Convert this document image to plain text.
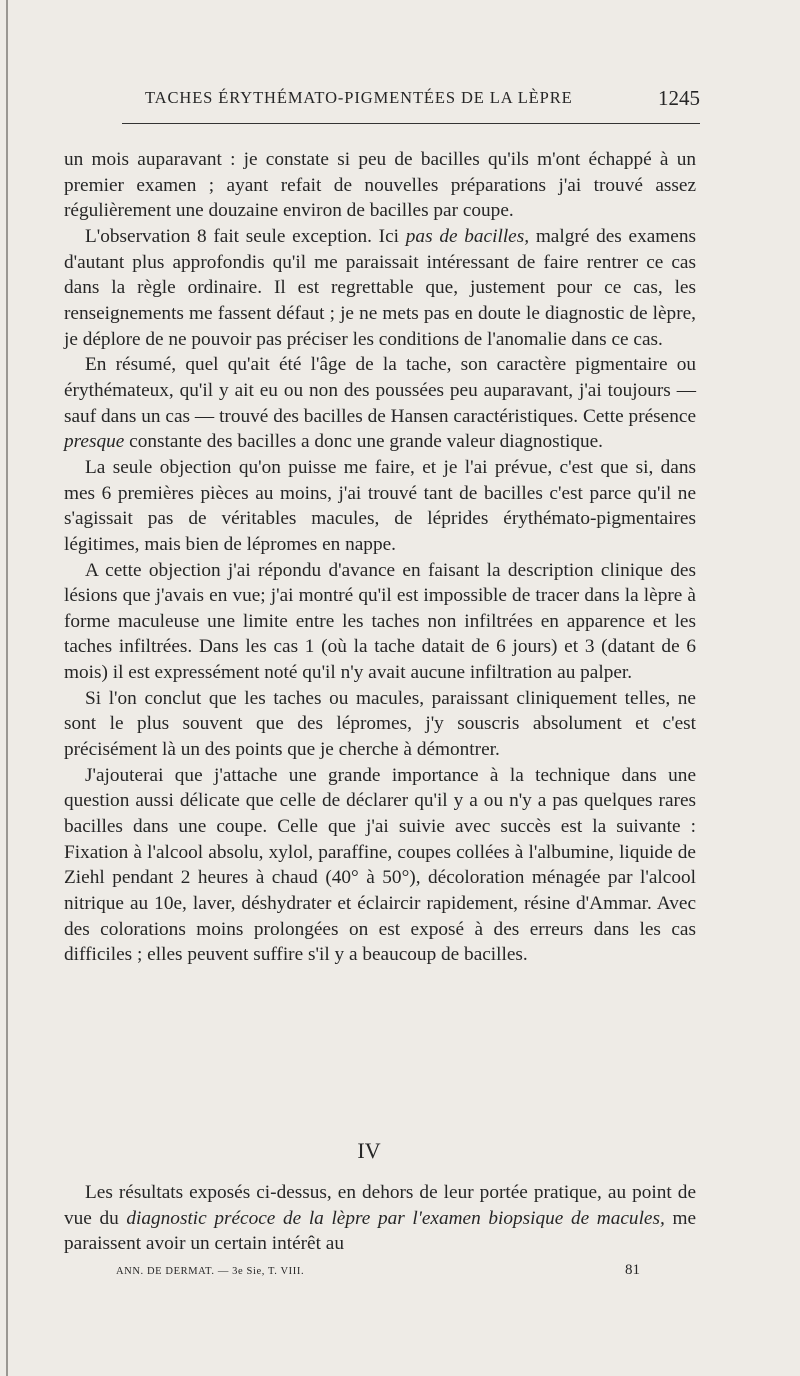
TACHES ÉRYTHÉMATO-PIGMENTÉES DE LA LÈPRE	1245

un mois auparavant : je constate si peu de bacilles qu'ils m'ont échappé à un premier examen ; ayant refait de nouvelles préparations j'ai trouvé assez régulièrement une douzaine environ de bacilles par coupe.

L'observation 8 fait seule exception. Ici pas de bacilles, malgré des examens d'autant plus approfondis qu'il me paraissait intéressant de faire rentrer ce cas dans la règle ordinaire. Il est regrettable que, justement pour ce cas, les renseignements me fassent défaut ; je ne mets pas en doute le diagnostic de lèpre, je déplore de ne pouvoir pas préciser les conditions de l'anomalie dans ce cas.

En résumé, quel qu'ait été l'âge de la tache, son caractère pigmentaire ou érythémateux, qu'il y ait eu ou non des poussées peu auparavant, j'ai toujours — sauf dans un cas — trouvé des bacilles de Hansen caractéristiques. Cette présence presque constante des bacilles a donc une grande valeur diagnostique.

La seule objection qu'on puisse me faire, et je l'ai prévue, c'est que si, dans mes 6 premières pièces au moins, j'ai trouvé tant de bacilles c'est parce qu'il ne s'agissait pas de véritables macules, de léprides érythémato-pigmentaires légitimes, mais bien de lépromes en nappe.

A cette objection j'ai répondu d'avance en faisant la description clinique des lésions que j'avais en vue; j'ai montré qu'il est impossible de tracer dans la lèpre à forme maculeuse une limite entre les taches non infiltrées en apparence et les taches infiltrées. Dans les cas 1 (où la tache datait de 6 jours) et 3 (datant de 6 mois) il est expressément noté qu'il n'y avait aucune infiltration au palper.

Si l'on conclut que les taches ou macules, paraissant cliniquement telles, ne sont le plus souvent que des lépromes, j'y souscris absolument et c'est précisément là un des points que je cherche à démontrer.

J'ajouterai que j'attache une grande importance à la technique dans une question aussi délicate que celle de déclarer qu'il y a ou n'y a pas quelques rares bacilles dans une coupe. Celle que j'ai suivie avec succès est la suivante : Fixation à l'alcool absolu, xylol, paraffine, coupes collées à l'albumine, liquide de Ziehl pendant 2 heures à chaud (40° à 50°), décoloration ménagée par l'alcool nitrique au 10e, laver, déshydrater et éclaircir rapidement, résine d'Ammar. Avec des colorations moins prolongées on est exposé à des erreurs dans les cas difficiles ; elles peuvent suffire s'il y a beaucoup de bacilles.

IV

Les résultats exposés ci-dessus, en dehors de leur portée pratique, au point de vue du diagnostic précoce de la lèpre par l'examen biopsique de macules, me paraissent avoir un certain intérêt au

ANN. DE DERMAT. — 3e Sie, T. VIII.	81
